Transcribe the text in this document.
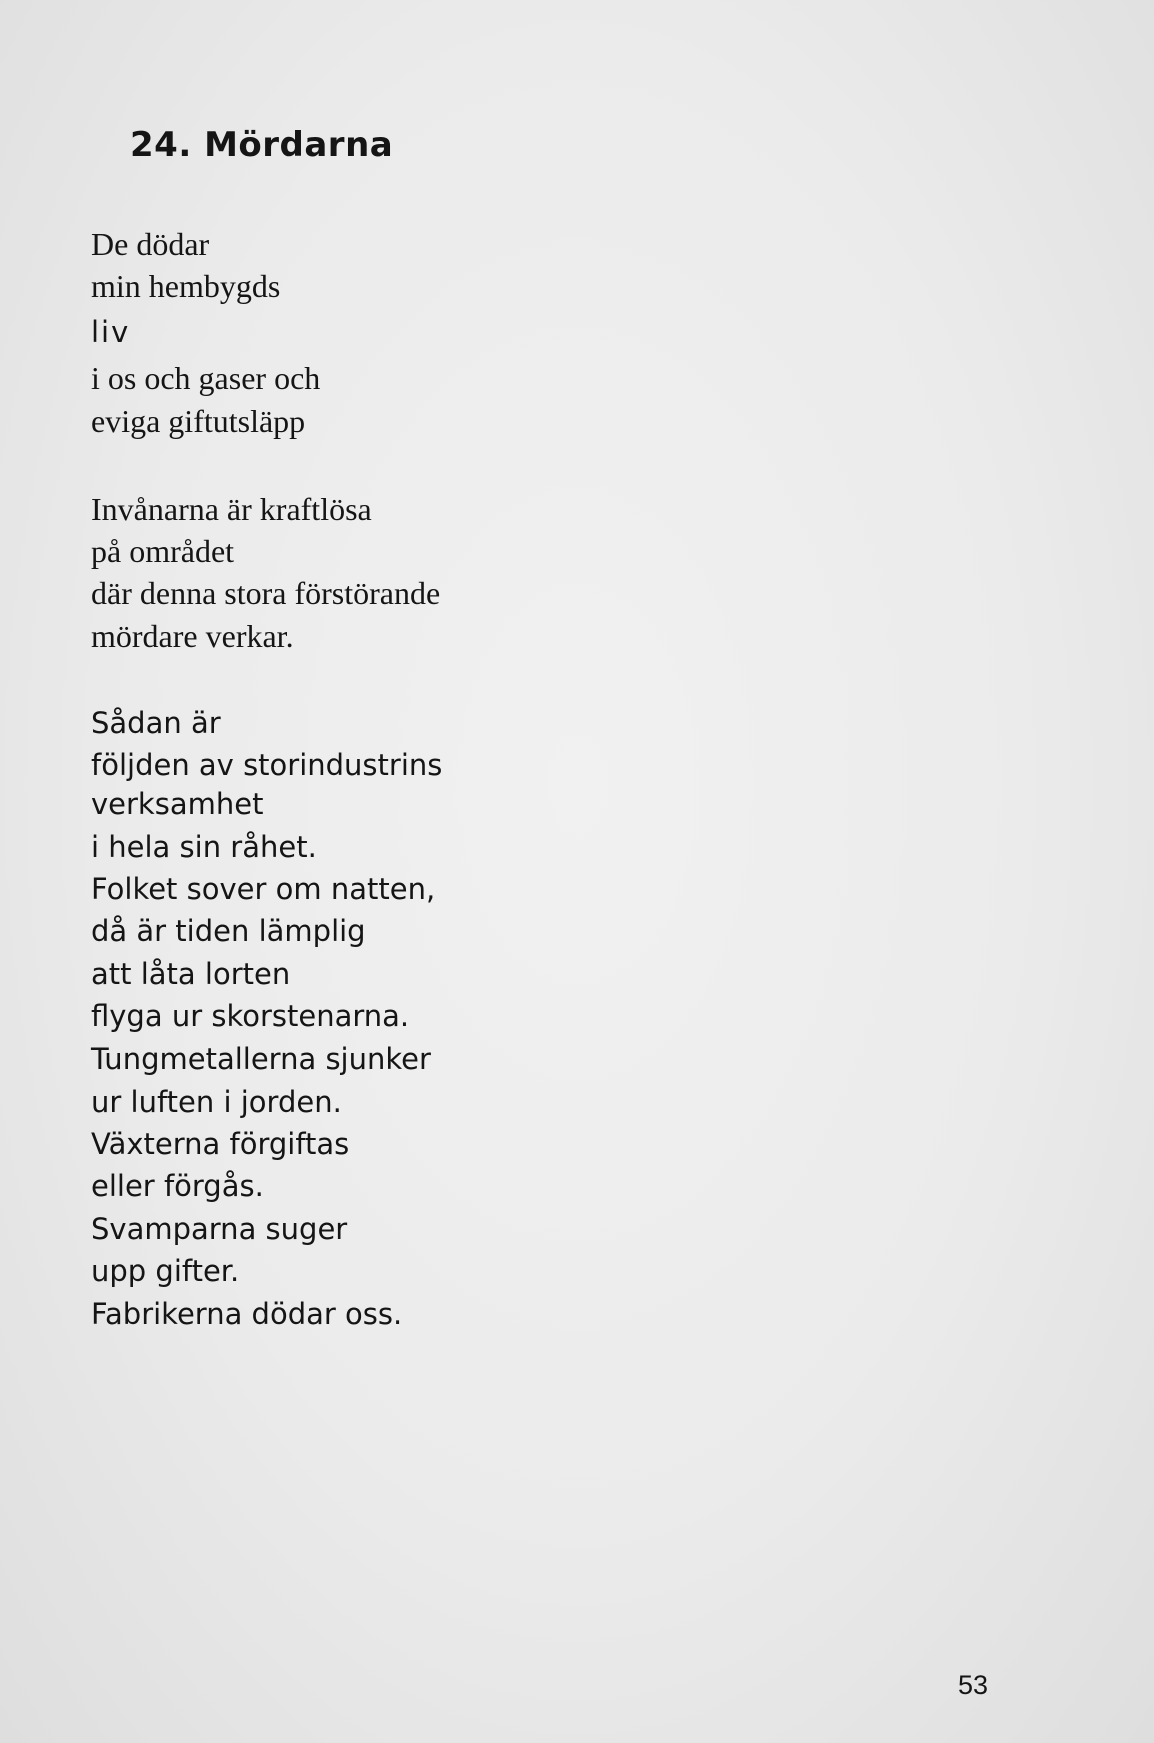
24. Mördarna
De dödar
min hembygds
liv
i os och gaser och
eviga giftutsläpp
Invånarna är kraftlösa
på området
där denna stora förstörande
mördare verkar.
Sådan är
följden av storindustrins
verksamhet
i hela sin råhet.
Folket sover om natten,
då är tiden lämplig
att låta lorten
flyga ur skorstenarna.
Tungmetallerna sjunker
ur luften i jorden.
Växterna förgiftas
eller förgås.
Svamparna suger
upp gifter.
Fabrikerna dödar oss.
53
